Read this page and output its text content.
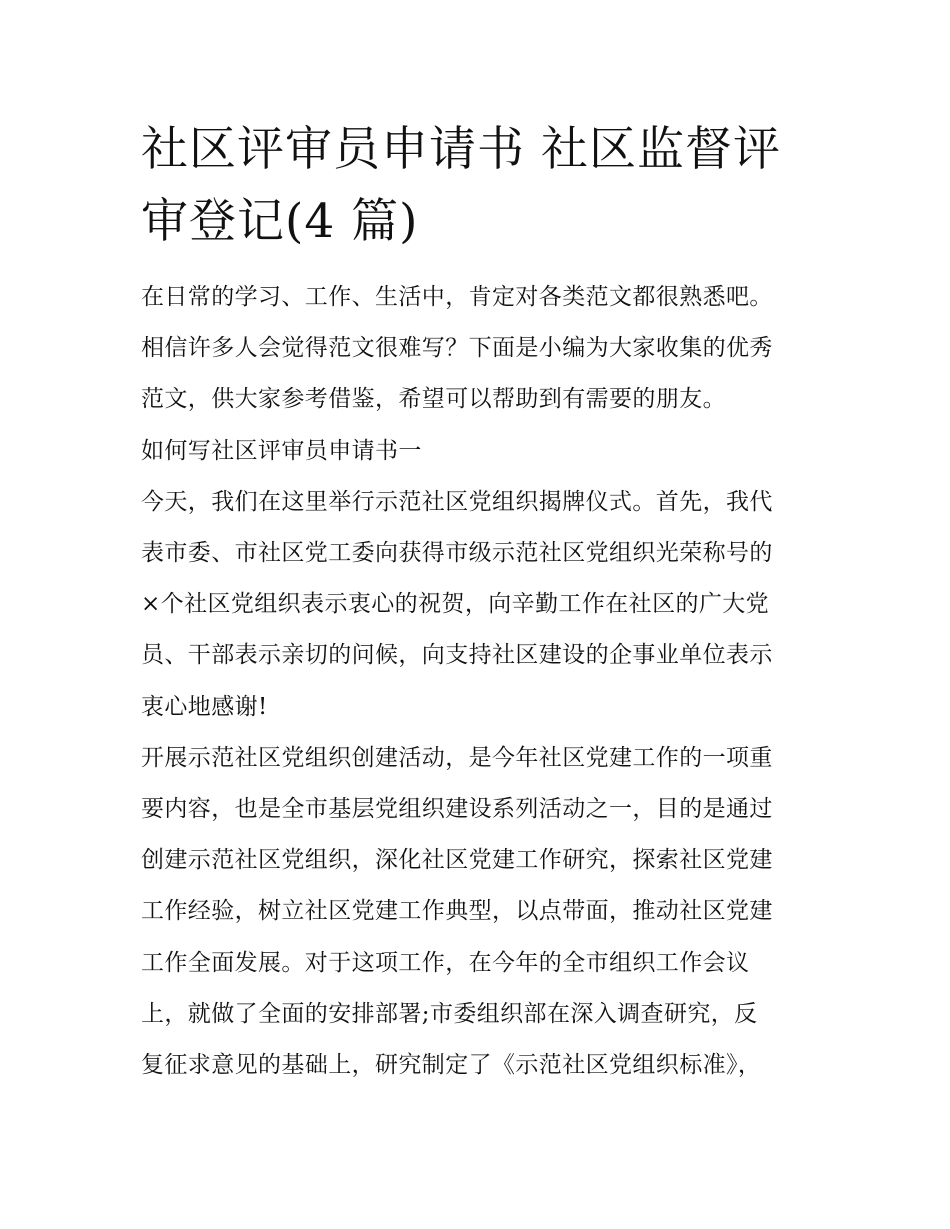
社区评审员申请书 社区监督评
审登记(4 篇)
在日常的学习、工作、生活中，肯定对各类范文都很熟悉吧。
相信许多人会觉得范文很难写？下面是小编为大家收集的优秀
范文，供大家参考借鉴，希望可以帮助到有需要的朋友。
如何写社区评审员申请书一
今天，我们在这里举行示范社区党组织揭牌仪式。首先，我代
表市委、市社区党工委向获得市级示范社区党组织光荣称号的
×个社区党组织表示衷心的祝贺，向辛勤工作在社区的广大党
员、干部表示亲切的问候，向支持社区建设的企事业单位表示
衷心地感谢!
开展示范社区党组织创建活动，是今年社区党建工作的一项重
要内容，也是全市基层党组织建设系列活动之一，目的是通过
创建示范社区党组织，深化社区党建工作研究，探索社区党建
工作经验，树立社区党建工作典型，以点带面，推动社区党建
工作全面发展。对于这项工作，在今年的全市组织工作会议
上，就做了全面的安排部署;市委组织部在深入调查研究，反
复征求意见的基础上，研究制定了《示范社区党组织标准》，
